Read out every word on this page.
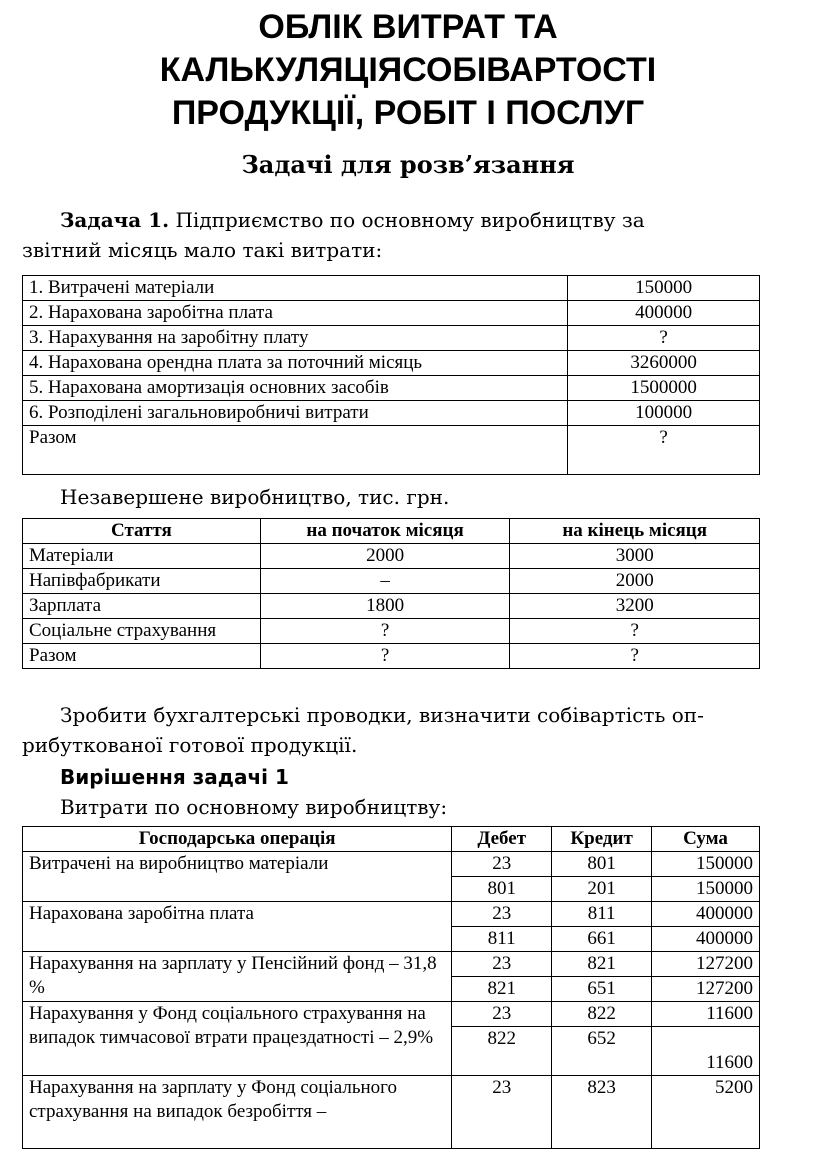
ОБЛІК ВИТРАТ ТА
КАЛЬКУЛЯЦІЯСОБІВАРТОСТІ
ПРОДУКЦІЇ, РОБІТ І ПОСЛУГ
Задачі для розв’язання
Задача 1. Підприємство по основному виробництву за
звітний місяць мало такі витрати:
1. Витрачені матеріали	150000
2. Нарахована заробітна плата	400000
3. Нарахування на заробітну плату	?
4. Нарахована орендна плата за поточний місяць	3260000
5. Нарахована амортизація основних засобів	1500000
6. Розподілені загальновиробничі витрати	100000
Разом	?
Незавершене виробництво, тис. грн.
Стаття	на початок місяця	на кінець місяця
Матеріали	2000	3000
Напівфабрикати	–	2000
Зарплата	1800	3200
Соціальне страхування	?	?
Разом	?	?
Зробити бухгалтерські проводки, визначити собівартість оп-
рибуткованої готової продукції.
Вирішення задачі 1
Витрати по основному виробництву:
Господарська операція	Дебет	Кредит	Сума
Витрачені на виробництво матеріали	23	801	150000
	801	201	150000
Нарахована заробітна плата	23	811	400000
	811	661	400000
Нарахування на зарплату у Пенсійний фонд – 31,8 %	23	821	127200
	821	651	127200
Нарахування у Фонд соціального страхування на випадок тимчасової втрати працездатності – 2,9%	23	822	11600
	822	652	11600
Нарахування на зарплату у Фонд соціального страхування на випадок безробіття –	23	823	5200
